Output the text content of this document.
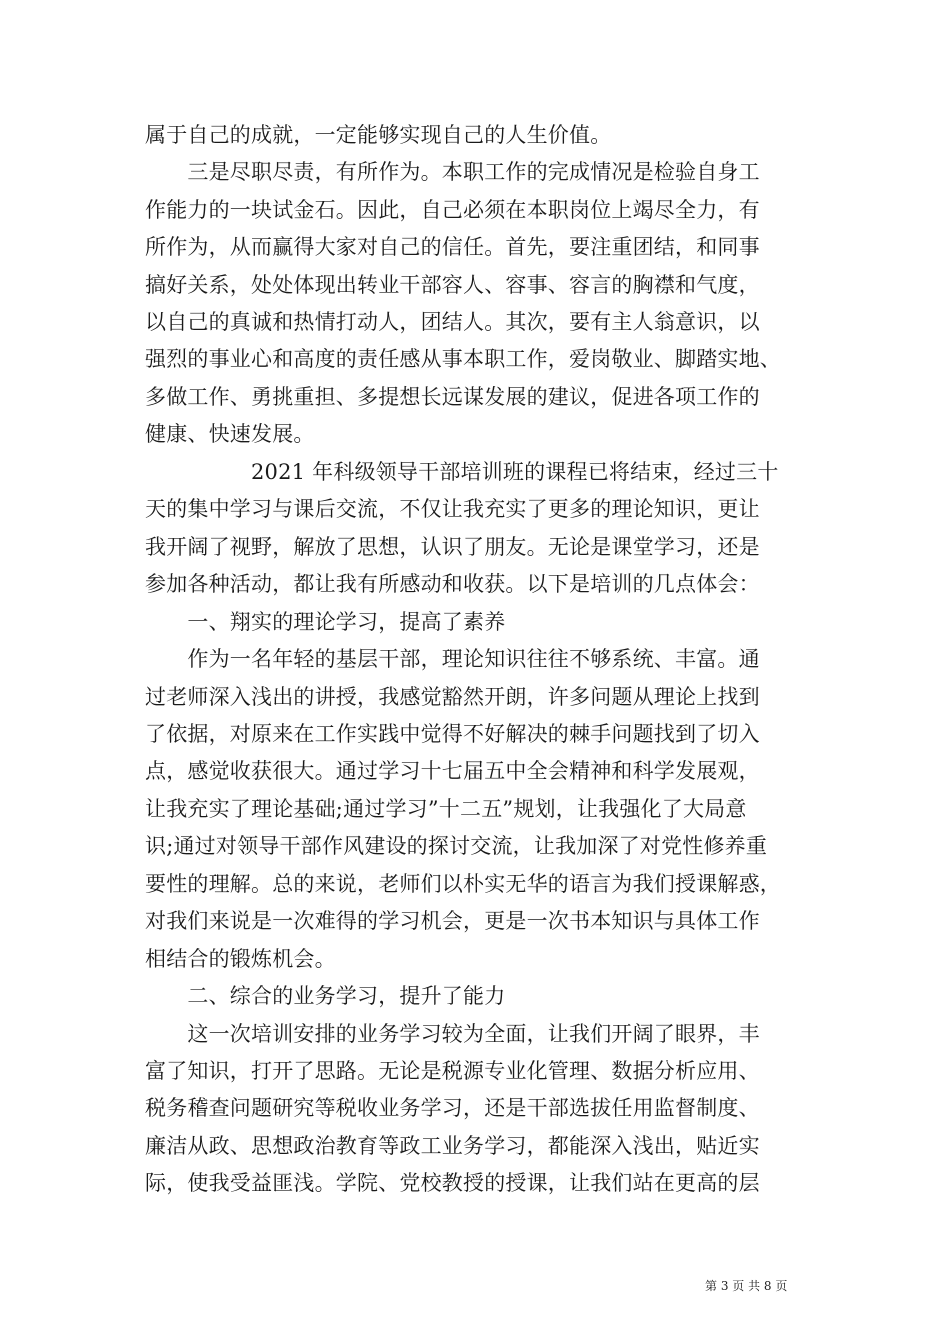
属于自己的成就，一定能够实现自己的人生价值。
　　三是尽职尽责，有所作为。本职工作的完成情况是检验自身工
作能力的一块试金石。因此，自己必须在本职岗位上竭尽全力，有
所作为，从而赢得大家对自己的信任。首先，要注重团结，和同事
搞好关系，处处体现出转业干部容人、容事、容言的胸襟和气度，
以自己的真诚和热情打动人，团结人。其次，要有主人翁意识，以
强烈的事业心和高度的责任感从事本职工作，爱岗敬业、脚踏实地、
多做工作、勇挑重担、多提想长远谋发展的建议，促进各项工作的
健康、快速发展。
　　　　　2021 年科级领导干部培训班的课程已将结束，经过三十
天的集中学习与课后交流，不仅让我充实了更多的理论知识，更让
我开阔了视野，解放了思想，认识了朋友。无论是课堂学习，还是
参加各种活动，都让我有所感动和收获。以下是培训的几点体会：
　　一、翔实的理论学习，提高了素养
　　作为一名年轻的基层干部，理论知识往往不够系统、丰富。通
过老师深入浅出的讲授，我感觉豁然开朗，许多问题从理论上找到
了依据，对原来在工作实践中觉得不好解决的棘手问题找到了切入
点，感觉收获很大。通过学习十七届五中全会精神和科学发展观，
让我充实了理论基础;通过学习”十二五”规划，让我强化了大局意
识;通过对领导干部作风建设的探讨交流，让我加深了对党性修养重
要性的理解。总的来说，老师们以朴实无华的语言为我们授课解惑，
对我们来说是一次难得的学习机会，更是一次书本知识与具体工作
相结合的锻炼机会。
　　二、综合的业务学习，提升了能力
　　这一次培训安排的业务学习较为全面，让我们开阔了眼界，丰
富了知识，打开了思路。无论是税源专业化管理、数据分析应用、
税务稽查问题研究等税收业务学习，还是干部选拔任用监督制度、
廉洁从政、思想政治教育等政工业务学习，都能深入浅出，贴近实
际，使我受益匪浅。学院、党校教授的授课，让我们站在更高的层
第 3 页 共 8 页
